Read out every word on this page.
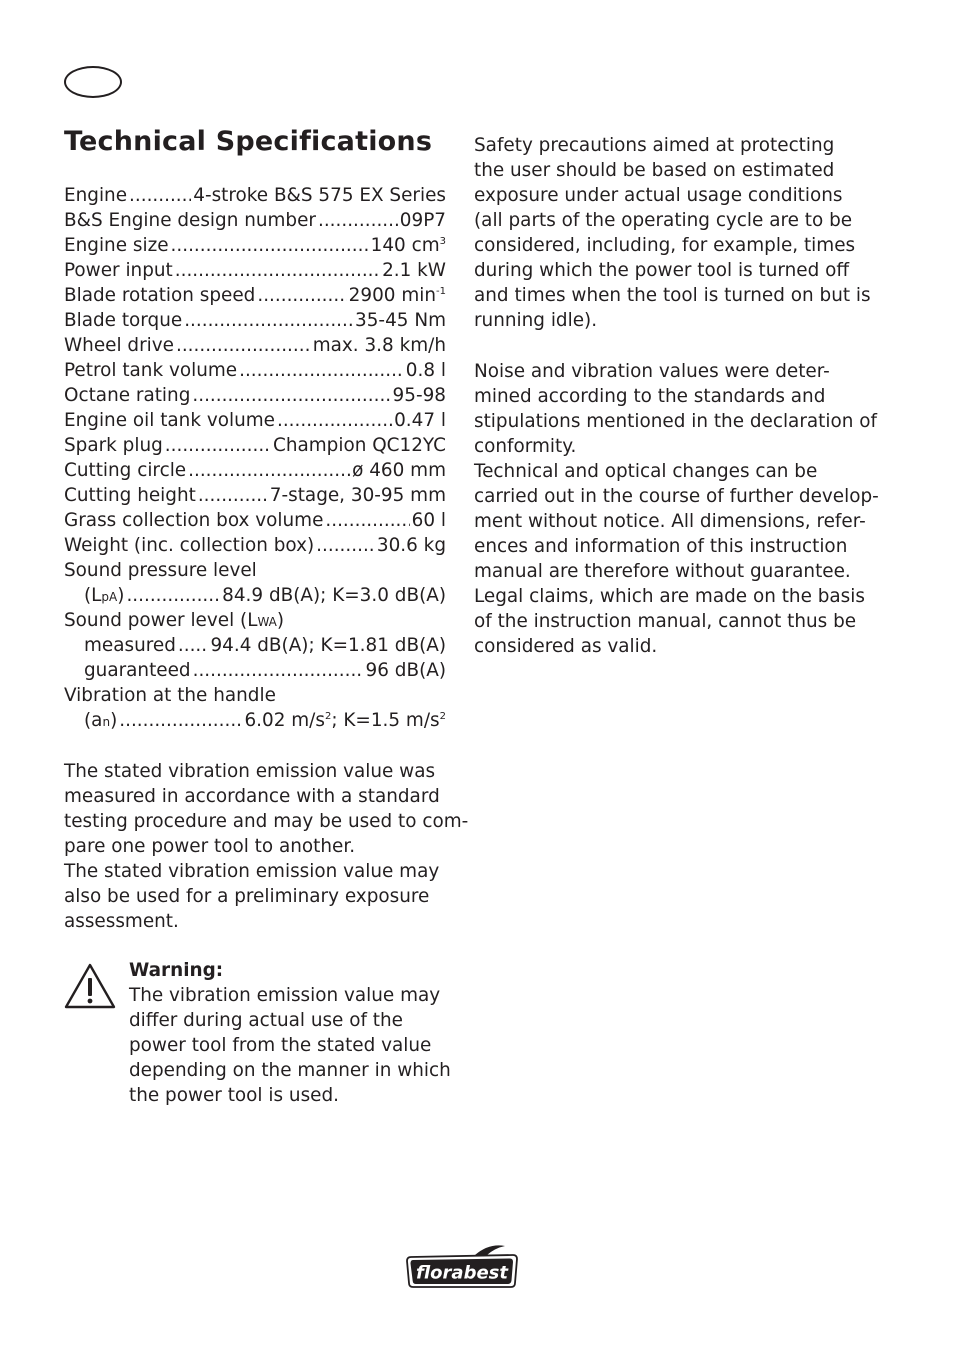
Technical Specifications
Engine .....	4-stroke B&S 575 EX Series
B&S Engine design number .....	09P7
Engine size .....	140 $cm^3$
Power input .....	2.1 kW
Blade rotation speed .....	2900 $\min^{-1}$
Blade torque .....	35-45 Nm
Wheel drive .....	max. 3.8 km/h
Petrol tank volume .....	0.8 l
Octane rating .....	95-98
Engine oil tank volume .....	0.47 l
Spark plug .....	Champion QC12YC
Cutting circle .....	ø 460 mm
Cutting height .....	7-stage, 30-95 mm
Grass collection box volume .....	60 l
Weight (inc. collection box) .....	30.6 kg
Sound pressure level
(LpA) .....	84.9 dB(A); K=3.0 dB(A)
Sound power level (LWA)
measured ..... 94.4 dB(A); K=1.81 dB(A)
guaranteed .....	96 dB(A)
Vibration at the handle
(an) .....	6.02 $m/s^2$; K=1.5 $m/s^2$

The stated vibration emission value was
measured in accordance with a standard
testing procedure and may be used to com-
pare one power tool to another.
The stated vibration emission value may
also be used for a preliminary exposure
assessment.

Warning:
The vibration emission value may
differ during actual use of the
power tool from the stated value
depending on the manner in which
the power tool is used.

Safety precautions aimed at protecting
the user should be based on estimated
exposure under actual usage conditions
(all parts of the operating cycle are to be
considered, including, for example, times
during which the power tool is turned off
and times when the tool is turned on but is
running idle).

Noise and vibration values were deter-
mined according to the standards and
stipulations mentioned in the declaration of
conformity.
Technical and optical changes can be
carried out in the course of further develop-
ment without notice. All dimensions, refer-
ences and information of this instruction
manual are therefore without guarantee.
Legal claims, which are made on the basis
of the instruction manual, cannot thus be
considered as valid.

florabest
